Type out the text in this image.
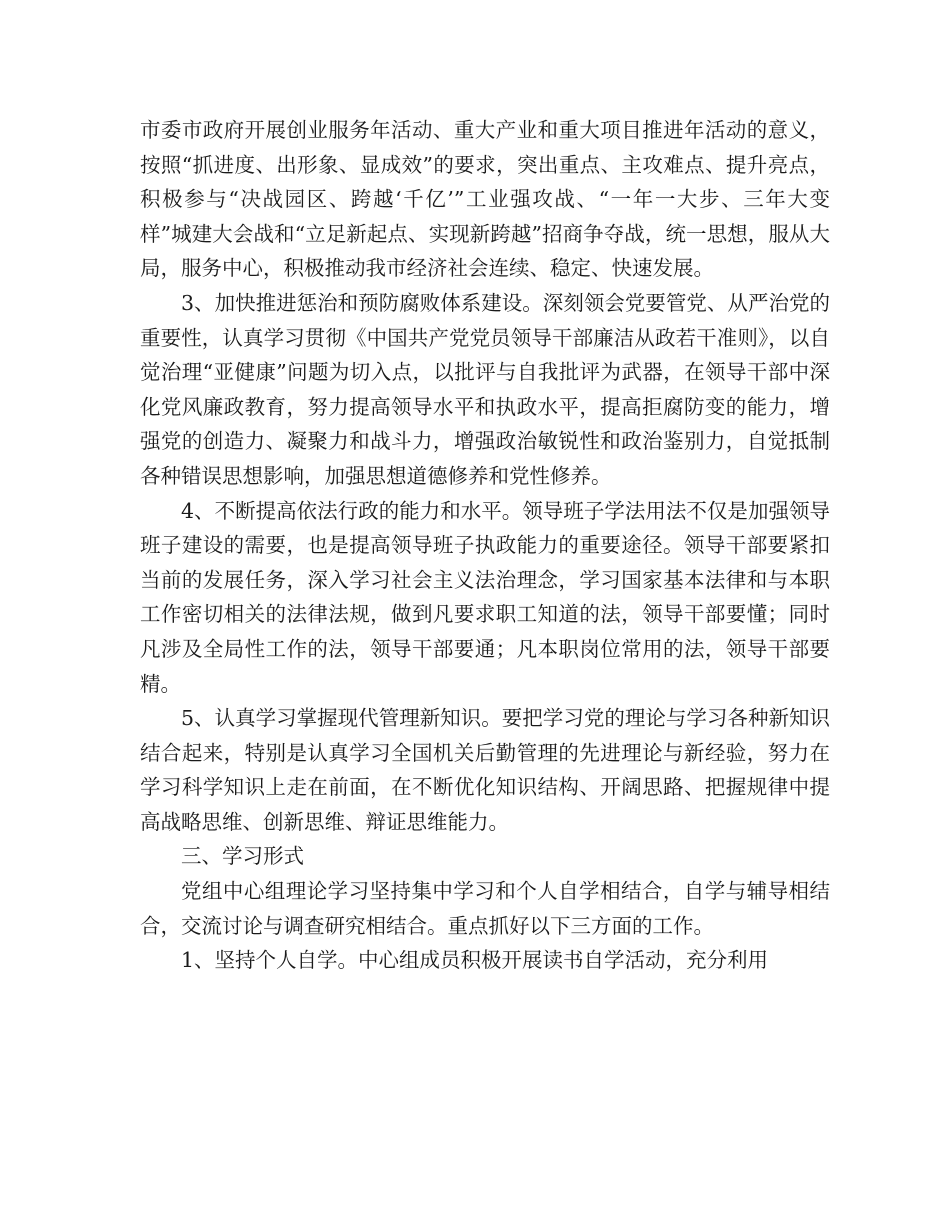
市委市政府开展创业服务年活动、重大产业和重大项目推进年活动的意义，按照“抓进度、出形象、显成效”的要求，突出重点、主攻难点、提升亮点，积极参与“决战园区、跨越‘千亿’”工业强攻战、“一年一大步、三年大变样”城建大会战和“立足新起点、实现新跨越”招商争夺战，统一思想，服从大局，服务中心，积极推动我市经济社会连续、稳定、快速发展。

3、加快推进惩治和预防腐败体系建设。深刻领会党要管党、从严治党的重要性，认真学习贯彻《中国共产党党员领导干部廉洁从政若干准则》，以自觉治理“亚健康”问题为切入点，以批评与自我批评为武器，在领导干部中深化党风廉政教育，努力提高领导水平和执政水平，提高拒腐防变的能力，增强党的创造力、凝聚力和战斗力，增强政治敏锐性和政治鉴别力，自觉抵制各种错误思想影响，加强思想道德修养和党性修养。

4、不断提高依法行政的能力和水平。领导班子学法用法不仅是加强领导班子建设的需要，也是提高领导班子执政能力的重要途径。领导干部要紧扣当前的发展任务，深入学习社会主义法治理念，学习国家基本法律和与本职工作密切相关的法律法规，做到凡要求职工知道的法，领导干部要懂；同时凡涉及全局性工作的法，领导干部要通；凡本职岗位常用的法，领导干部要精。

5、认真学习掌握现代管理新知识。要把学习党的理论与学习各种新知识结合起来，特别是认真学习全国机关后勤管理的先进理论与新经验，努力在学习科学知识上走在前面，在不断优化知识结构、开阔思路、把握规律中提高战略思维、创新思维、辩证思维能力。

三、学习形式

党组中心组理论学习坚持集中学习和个人自学相结合，自学与辅导相结合，交流讨论与调查研究相结合。重点抓好以下三方面的工作。

1、坚持个人自学。中心组成员积极开展读书自学活动，充分利用
